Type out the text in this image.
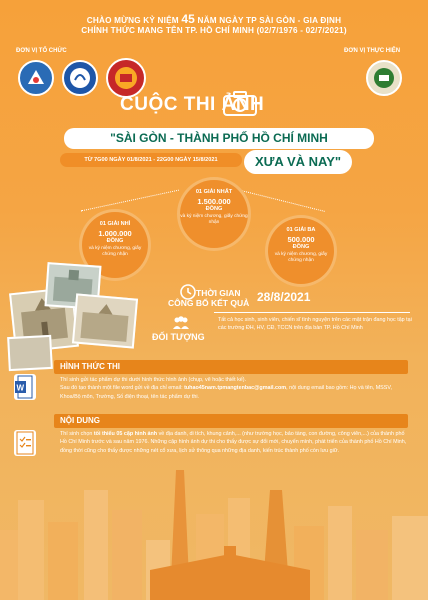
CHÀO MỪNG KỶ NIỆM 45 NĂM NGÀY TP SÀI GÒN - GIA ĐỊNH
CHÍNH THỨC MANG TÊN TP. HỒ CHÍ MINH (02/7/1976 - 02/7/2021)
ĐƠN VỊ TỔ CHỨC	ĐƠN VỊ THỰC HIỆN
CUỘC THI ẢNH
"SÀI GÒN - THÀNH PHỐ HỒ CHÍ MINH
TỪ 7G00 NGÀY 01/8/2021 - 22G00 NGÀY 15/8/2021	XƯA VÀ NAY"
01 GIẢI NHẤT
1.500.000
ĐỒNG
và kỷ niệm chương, giấy chứng nhận
01 GIẢI NHÌ
1.000.000
ĐỒNG
và kỷ niệm chương, giấy chứng nhận
01 GIẢI BA
500.000
ĐỒNG
và kỷ niệm chương, giấy chứng nhận
THỜI GIAN
CÔNG BỐ KẾT QUẢ 28/8/2021
ĐỐI TƯỢNG
Tất cả học sinh, sinh viên, chiến sĩ tình nguyện trên các mặt trận đang học tập tại các trường ĐH, HV, CĐ, TCCN trên địa bàn TP. Hồ Chí Minh
HÌNH THỨC THI
W
Thí sinh gửi tác phẩm dự thi dưới hình thức hình ảnh (chụp, vẽ hoặc thiết kế).
Sau đó tạo thành một file word gửi về địa chỉ email: tuhao45nam.tpmangtenbac@gmail.com, nội dung email bao gồm: Họ và tên, MSSV, Khoa/Bộ môn, Trường, Số điện thoại, tên tác phẩm dự thi.
NỘI DUNG
Thí sinh chọn tối thiểu 05 cặp hình ảnh về địa danh, di tích, khung cảnh,... (như trường học, bảo tàng, con đường, công viên,...) của thành phố Hồ Chí Minh trước và sau năm 1976. Những cặp hình ảnh dự thi cho thấy được sự đổi mới, chuyển mình, phát triển của thành phố Hồ Chí Minh, đồng thời cũng cho thấy được những nét cổ xưa, lịch sử thông qua những địa danh, kiến trúc thành phố còn lưu giữ.
